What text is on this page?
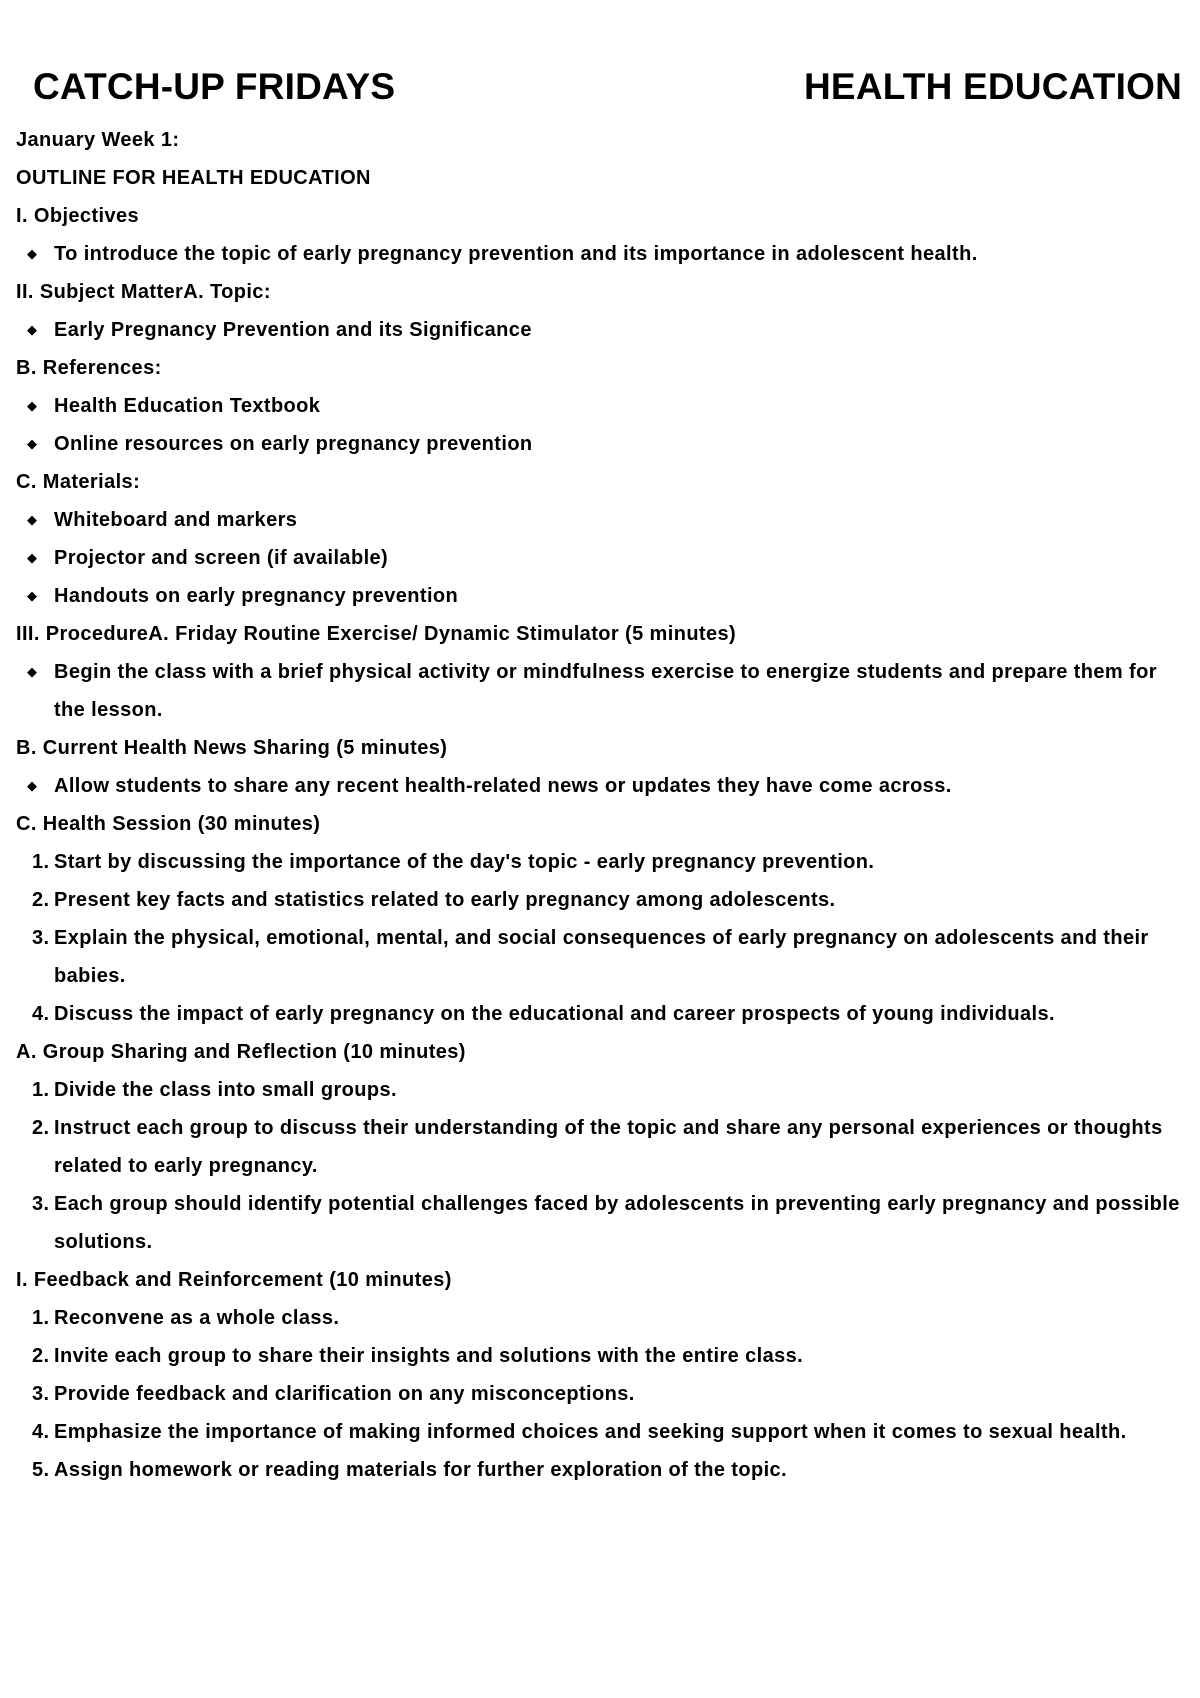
CATCH-UP FRIDAYS	HEALTH EDUCATION
January Week 1:
OUTLINE FOR HEALTH EDUCATION
I. Objectives
◆ To introduce the topic of early pregnancy prevention and its importance in adolescent health.
II. Subject MatterA. Topic:
◆ Early Pregnancy Prevention and its Significance
B. References:
◆ Health Education Textbook
◆ Online resources on early pregnancy prevention
C. Materials:
◆ Whiteboard and markers
◆ Projector and screen (if available)
◆ Handouts on early pregnancy prevention
III. ProcedureA. Friday Routine Exercise/ Dynamic Stimulator (5 minutes)
◆ Begin the class with a brief physical activity or mindfulness exercise to energize students and prepare them for the lesson.
B. Current Health News Sharing (5 minutes)
◆ Allow students to share any recent health-related news or updates they have come across.
C. Health Session (30 minutes)
1. Start by discussing the importance of the day's topic - early pregnancy prevention.
2. Present key facts and statistics related to early pregnancy among adolescents.
3. Explain the physical, emotional, mental, and social consequences of early pregnancy on adolescents and their babies.
4. Discuss the impact of early pregnancy on the educational and career prospects of young individuals.
A. Group Sharing and Reflection (10 minutes)
1. Divide the class into small groups.
2. Instruct each group to discuss their understanding of the topic and share any personal experiences or thoughts related to early pregnancy.
3. Each group should identify potential challenges faced by adolescents in preventing early pregnancy and possible solutions.
I. Feedback and Reinforcement (10 minutes)
1. Reconvene as a whole class.
2. Invite each group to share their insights and solutions with the entire class.
3. Provide feedback and clarification on any misconceptions.
4. Emphasize the importance of making informed choices and seeking support when it comes to sexual health.
5. Assign homework or reading materials for further exploration of the topic.
